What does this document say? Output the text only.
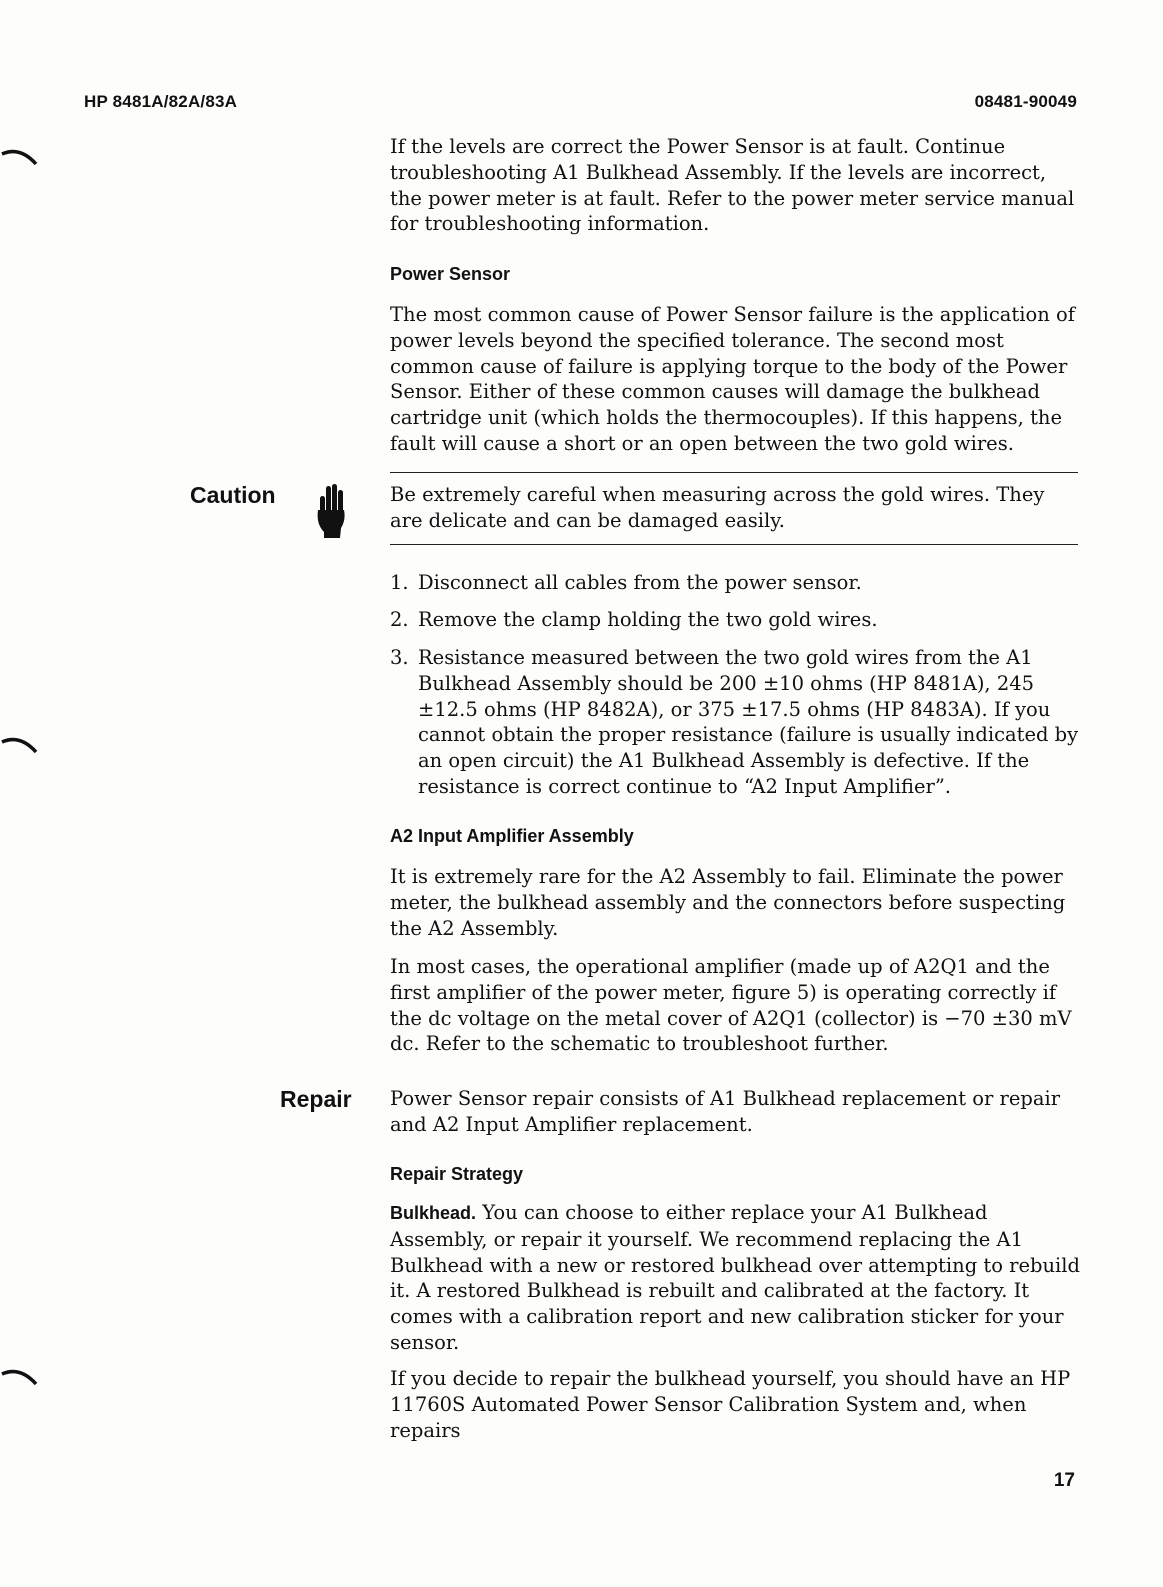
HP 8481A/82A/83A	08481-90049

If the levels are correct the Power Sensor is at fault. Continue troubleshooting A1 Bulkhead Assembly. If the levels are incorrect, the power meter is at fault. Refer to the power meter service manual for troubleshooting information.

Power Sensor

The most common cause of Power Sensor failure is the application of power levels beyond the specified tolerance. The second most common cause of failure is applying torque to the body of the Power Sensor. Either of these common causes will damage the bulkhead cartridge unit (which holds the thermocouples). If this happens, the fault will cause a short or an open between the two gold wires.

Caution	Be extremely careful when measuring across the gold wires. They are delicate and can be damaged easily.

1. Disconnect all cables from the power sensor.
2. Remove the clamp holding the two gold wires.
3. Resistance measured between the two gold wires from the A1 Bulkhead Assembly should be 200 ±10 ohms (HP 8481A), 245 ±12.5 ohms (HP 8482A), or 375 ±17.5 ohms (HP 8483A). If you cannot obtain the proper resistance (failure is usually indicated by an open circuit) the A1 Bulkhead Assembly is defective. If the resistance is correct continue to “A2 Input Amplifier”.
A2 Input Amplifier Assembly

It is extremely rare for the A2 Assembly to fail. Eliminate the power meter, the bulkhead assembly and the connectors before suspecting the A2 Assembly.

In most cases, the operational amplifier (made up of A2Q1 and the first amplifier of the power meter, figure 5) is operating correctly if the dc voltage on the metal cover of A2Q1 (collector) is −70 ±30 mV dc. Refer to the schematic to troubleshoot further.

Repair Power Sensor repair consists of A1 Bulkhead replacement or repair and A2 Input Amplifier replacement.

Repair Strategy

Bulkhead. You can choose to either replace your A1 Bulkhead Assembly, or repair it yourself. We recommend replacing the A1 Bulkhead with a new or restored bulkhead over attempting to rebuild it. A restored Bulkhead is rebuilt and calibrated at the factory. It comes with a calibration report and new calibration sticker for your sensor.

If you decide to repair the bulkhead yourself, you should have an HP 11760S Automated Power Sensor Calibration System and, when repairs

17
